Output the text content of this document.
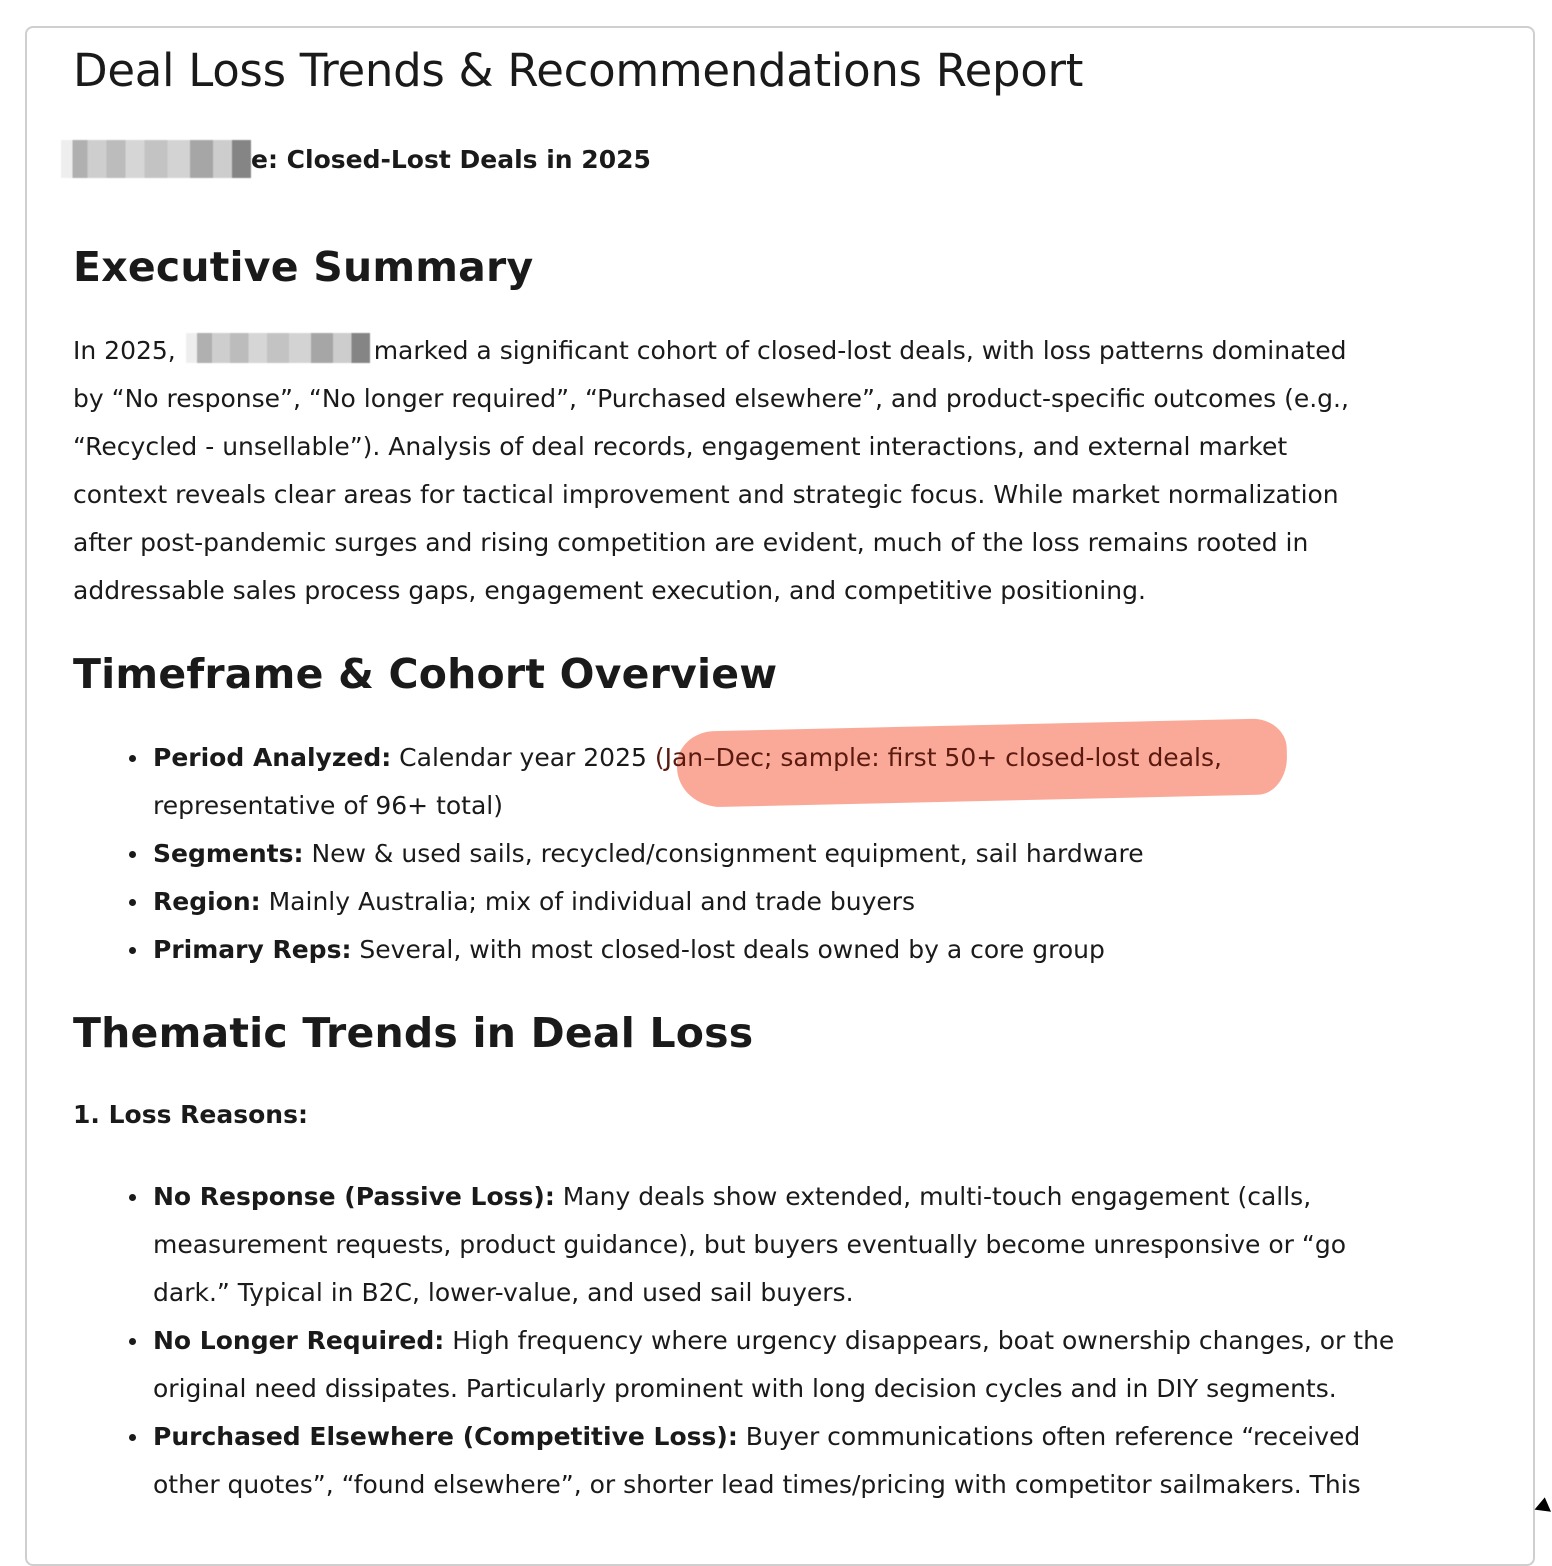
Deal Loss Trends & Recommendations Report
e: Closed-Lost Deals in 2025
Executive Summary
In 2025,	marked a significant cohort of closed-lost deals, with loss patterns dominated
by “No response”, “No longer required”, “Purchased elsewhere”, and product-specific outcomes (e.g.,
“Recycled - unsellable”). Analysis of deal records, engagement interactions, and external market
context reveals clear areas for tactical improvement and strategic focus. While market normalization
after post-pandemic surges and rising competition are evident, much of the loss remains rooted in
addressable sales process gaps, engagement execution, and competitive positioning.
Timeframe & Cohort Overview
Period Analyzed: Calendar year 2025 (Jan–Dec; sample: first 50+ closed-lost deals,
representative of 96+ total)
Segments: New & used sails, recycled/consignment equipment, sail hardware
Region: Mainly Australia; mix of individual and trade buyers
Primary Reps: Several, with most closed-lost deals owned by a core group
Thematic Trends in Deal Loss
1. Loss Reasons:
No Response (Passive Loss): Many deals show extended, multi-touch engagement (calls,
measurement requests, product guidance), but buyers eventually become unresponsive or “go
dark.” Typical in B2C, lower-value, and used sail buyers.
No Longer Required: High frequency where urgency disappears, boat ownership changes, or the
original need dissipates. Particularly prominent with long decision cycles and in DIY segments.
Purchased Elsewhere (Competitive Loss): Buyer communications often reference “received
other quotes”, “found elsewhere”, or shorter lead times/pricing with competitor sailmakers. This
